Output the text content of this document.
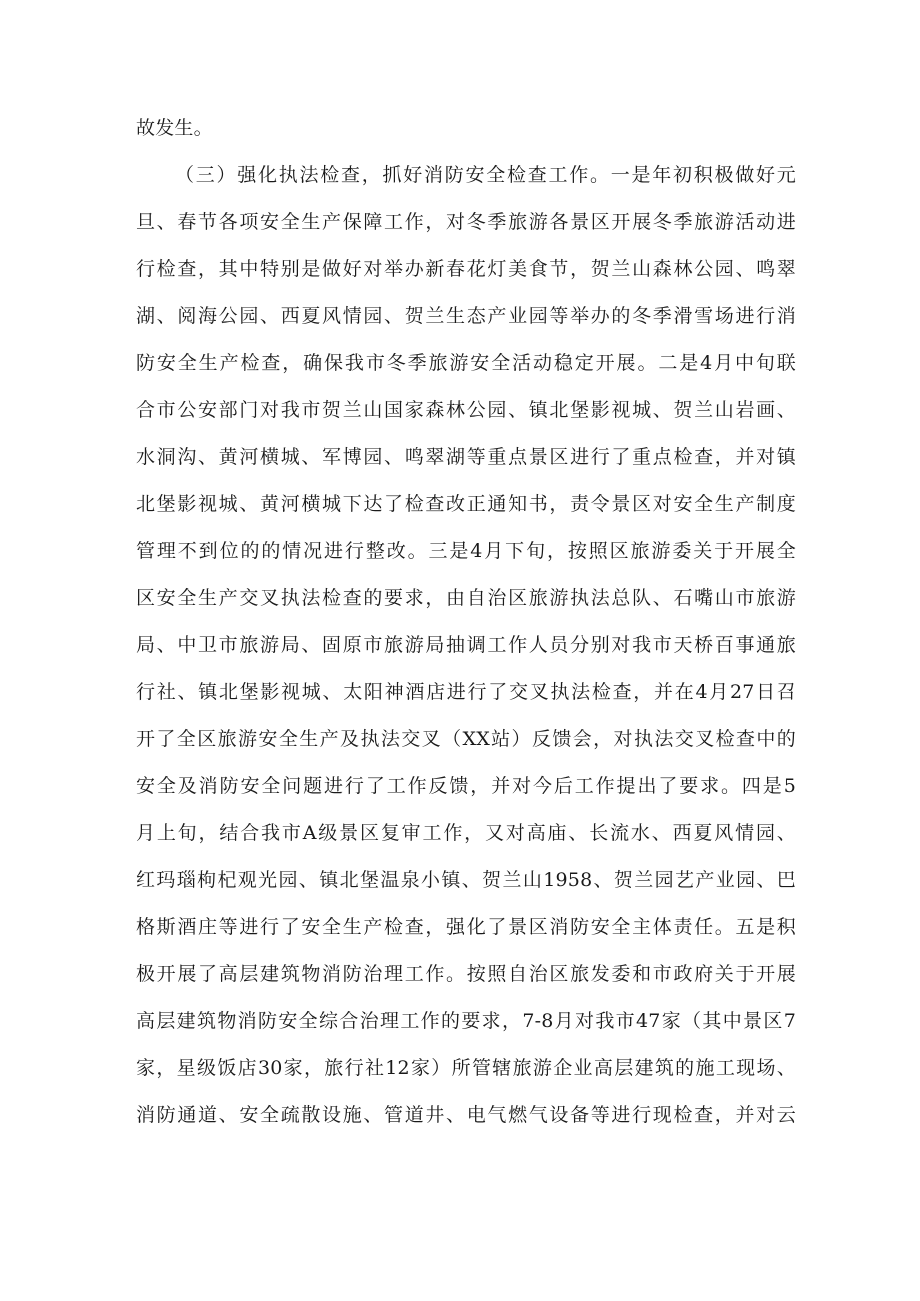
故发生。
（三）强化执法检查，抓好消防安全检查工作。一是年初积极做好元
旦、春节各项安全生产保障工作，对冬季旅游各景区开展冬季旅游活动进
行检查，其中特别是做好对举办新春花灯美食节，贺兰山森林公园、鸣翠
湖、阅海公园、西夏风情园、贺兰生态产业园等举办的冬季滑雪场进行消
防安全生产检查，确保我市冬季旅游安全活动稳定开展。二是4月中旬联
合市公安部门对我市贺兰山国家森林公园、镇北堡影视城、贺兰山岩画、
水洞沟、黄河横城、军博园、鸣翠湖等重点景区进行了重点检查，并对镇
北堡影视城、黄河横城下达了检查改正通知书，责令景区对安全生产制度
管理不到位的的情况进行整改。三是4月下旬，按照区旅游委关于开展全
区安全生产交叉执法检查的要求，由自治区旅游执法总队、石嘴山市旅游
局、中卫市旅游局、固原市旅游局抽调工作人员分别对我市天桥百事通旅
行社、镇北堡影视城、太阳神酒店进行了交叉执法检查，并在4月27日召
开了全区旅游安全生产及执法交叉（XX站）反馈会，对执法交叉检查中的
安全及消防安全问题进行了工作反馈，并对今后工作提出了要求。四是5
月上旬，结合我市A级景区复审工作，又对高庙、长流水、西夏风情园、
红玛瑙枸杞观光园、镇北堡温泉小镇、贺兰山1958、贺兰园艺产业园、巴
格斯酒庄等进行了安全生产检查，强化了景区消防安全主体责任。五是积
极开展了高层建筑物消防治理工作。按照自治区旅发委和市政府关于开展
高层建筑物消防安全综合治理工作的要求，7-8月对我市47家（其中景区7
家，星级饭店30家，旅行社12家）所管辖旅游企业高层建筑的施工现场、
消防通道、安全疏散设施、管道井、电气燃气设备等进行现检查，并对云
